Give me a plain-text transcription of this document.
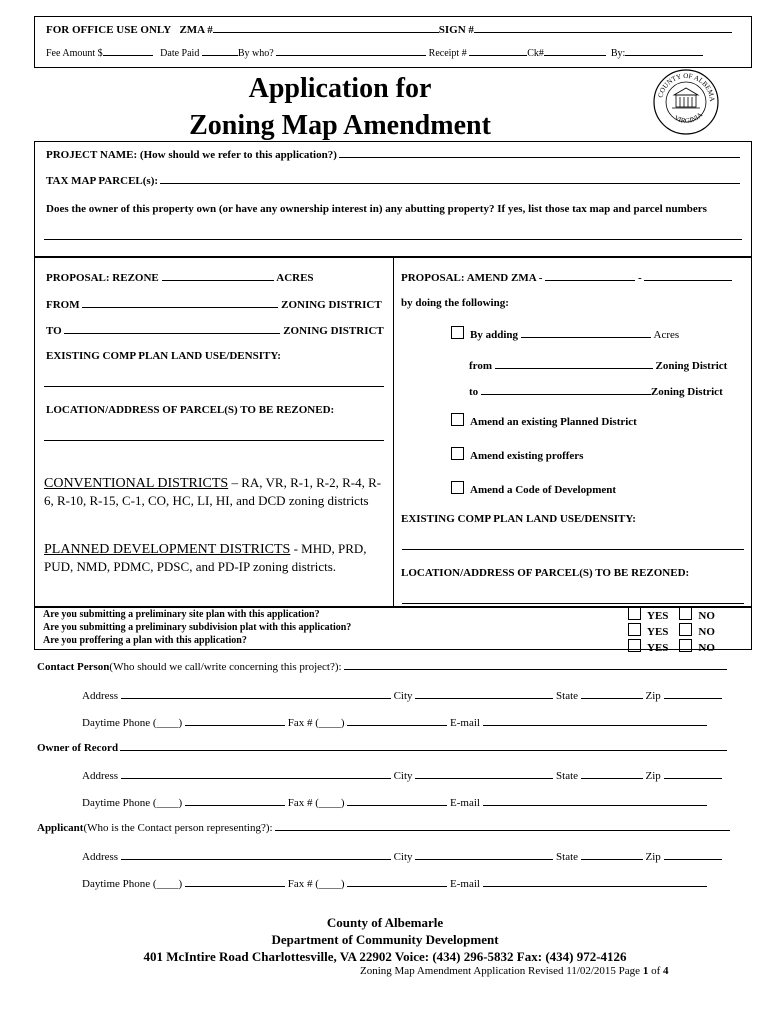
FOR OFFICE USE ONLY ZMA #	SIGN #
Fee Amount $	Date Paid	By who?	Receipt #	Ck#	By:
Application for
Zoning Map Amendment
COUNTY OF ALBEMA
VIRGINIA
PROJECT NAME: (How should we refer to this application?)
TAX MAP PARCEL(s):
Does the owner of this property own (or have any ownership interest in) any abutting property? If yes, list those tax map and parcel numbers
PROPOSAL: REZONE	ACRES
FROM	ZONING DISTRICT
TO	ZONING DISTRICT
EXISTING COMP PLAN LAND USE/DENSITY:
LOCATION/ADDRESS OF PARCEL(S) TO BE REZONED:
CONVENTIONAL DISTRICTS – RA, VR, R-1, R-2, R-4, R-6, R-10, R-15, C-1, CO, HC, LI, HI, and DCD zoning districts
PLANNED DEVELOPMENT DISTRICTS - MHD, PRD, PUD, NMD, PDMC, PDSC, and PD-IP zoning districts.
PROPOSAL: AMEND ZMA -	-
by doing the following:
By adding	Acres
from	Zoning District
to	Zoning District
Amend an existing Planned District
Amend existing proffers
Amend a Code of Development
EXISTING COMP PLAN LAND USE/DENSITY:
LOCATION/ADDRESS OF PARCEL(S) TO BE REZONED:
Are you submitting a preliminary site plan with this application?
Are you submitting a preliminary subdivision plat with this application?
Are you proffering a plan with this application?
YES	NO
YES	NO
YES	NO
Contact Person (Who should we call/write concerning this project?):
Address	City	State	Zip
Daytime Phone (____)	Fax # (____)	E-mail
Owner of Record
Address	City	State	Zip
Daytime Phone (____)	Fax # (____)	E-mail
Applicant (Who is the Contact person representing?):
Address	City	State	Zip
Daytime Phone (____)	Fax # (____)	E-mail
County of Albemarle
Department of Community Development
401 McIntire Road Charlottesville, VA 22902 Voice: (434) 296-5832 Fax: (434) 972-4126
Zoning Map Amendment Application Revised 11/02/2015 Page 1 of 4
